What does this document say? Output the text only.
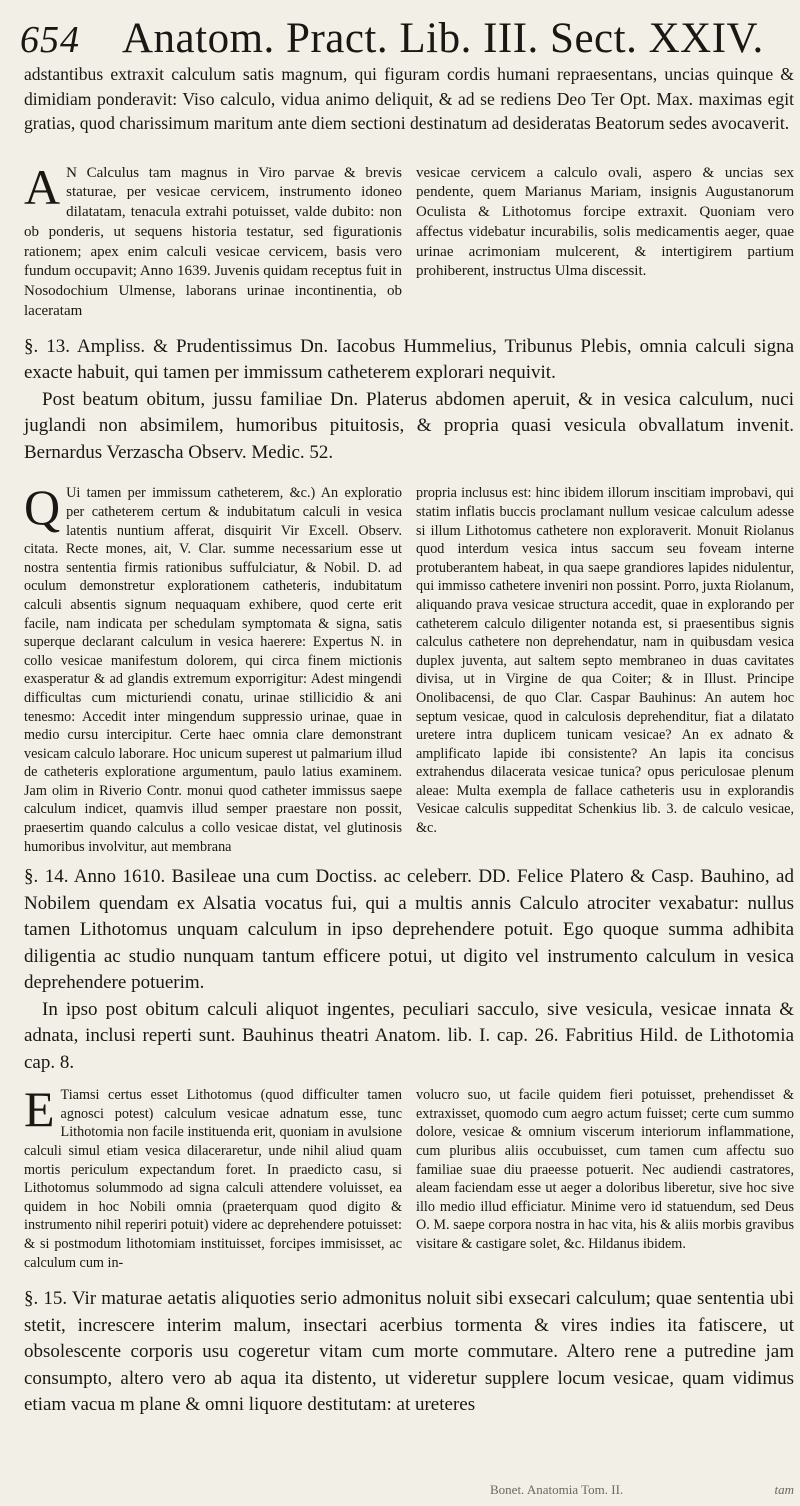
654 Anatom. Pract. Lib. III. Sect. XXIV.

adstantibus extraxit calculum satis magnum, qui figuram cordis humani repraesentans, uncias quinque & dimidiam ponderavit: Viso calculo, vidua animo deliquit, & ad se rediens Deo Ter Opt. Max. maximas egit gratias, quod charissimum maritum ante diem sectioni destinatum ad desideratas Beatorum sedes avocaverit.

A N Calculus tam magnus in Viro parvae & brevis staturae, per vesicae cervicem, instrumento idoneo dilatatam, tenacula extrahi potuisset, valde dubito: non ob ponderis, ut sequens historia testatur, sed figurationis rationem; apex enim calculi vesicae cervicem, basis vero fundum occupavit; Anno 1639. Juvenis quidam receptus fuit in Nosodochium Ulmense, laborans urinae incontinentia, ob laceratam

vesicae cervicem a calculo ovali, aspero & uncias sex pendente, quem Marianus Mariam, insignis Augustanorum Oculista & Lithotomus forcipe extraxit. Quoniam vero affectus videbatur incurabilis, solis medicamentis aeger, quae urinae acrimoniam mulcerent, & intertigirem partium prohiberent, instructus Ulma discessit.

§. 13. Ampliss. & Prudentissimus Dn. Iacobus Hummelius, Tribunus Plebis, omnia calculi signa exacte habuit, qui tamen per immissum catheterem explorari nequivit.

Post beatum obitum, jussu familiae Dn. Platerus abdomen aperuit, & in vesica calculum, nuci juglandi non absimilem, humoribus pituitosis, & propria quasi vesicula obvallatum invenit. Bernardus Verzascha Observ. Medic. 52.

Q Ui tamen per immissum catheterem, &c.) An exploratio per catheterem certum & indubitatum calculi in vesica latentis nuntium afferat, disquirit Vir Excell. Observ. citata. Recte mones, ait, V. Clar. summe necessarium esse ut nostra sententia firmis rationibus suffulciatur, & Nobil. D. ad oculum demonstretur explorationem catheteris, indubitatum calculi absentis signum nequaquam exhibere, quod certe erit facile, nam indicata per schedulam symptomata & signa, satis superque declarant calculum in vesica haerere: Expertus N. in collo vesicae manifestum dolorem, qui circa finem mictionis exasperatur & ad glandis extremum exporrigitur: Adest mingendi difficultas cum micturiendi conatu, urinae stillicidio & ani tenesmo: Accedit inter mingendum suppressio urinae, quae in medio cursu intercipitur. Certe haec omnia clare demonstrant vesicam calculo laborare. Hoc unicum superest ut palmarium illud de catheteris exploratione argumentum, paulo latius examinem. Jam olim in Riverio Contr. monui quod catheter immissus saepe calculum indicet, quamvis illud semper praestare non possit, praesertim quando calculus a collo vesicae distat, vel glutinosis humoribus involvitur, aut membrana

propria inclusus est: hinc ibidem illorum inscitiam improbavi, qui statim inflatis buccis proclamant nullum vesicae calculum adesse si illum Lithotomus cathetere non exploraverit. Monuit Riolanus quod interdum vesica intus saccum seu foveam interne protuberantem habeat, in qua saepe grandiores lapides nidulentur, qui immisso cathetere inveniri non possint. Porro, juxta Riolanum, aliquando prava vesicae structura accedit, quae in explorando per catheterem calculo diligenter notanda est, si praesentibus signis calculus cathetere non deprehendatur, nam in quibusdam vesica duplex juventa, aut saltem septo membraneo in duas cavitates divisa, ut in Virgine de qua Coiter; & in Illust. Principe Onolibacensi, de quo Clar. Caspar Bauhinus: An autem hoc septum vesicae, quod in calculosis deprehenditur, fiat a dilatato uretere intra duplicem tunicam vesicae? An ex adnato & amplificato lapide ibi consistente? An lapis ita concisus extrahendus dilacerata vesicae tunica? opus periculosae plenum aleae: Multa exempla de fallace catheteris usu in explorandis Vesicae calculis suppeditat Schenkius lib. 3. de calculo vesicae, &c.

§. 14. Anno 1610. Basileae una cum Doctiss. ac celeberr. DD. Felice Platero & Casp. Bauhino, ad Nobilem quendam ex Alsatia vocatus fui, qui a multis annis Calculo atrociter vexabatur: nullus tamen Lithotomus unquam calculum in ipso deprehendere potuit. Ego quoque summa adhibita diligentia ac studio nunquam tantum efficere potui, ut digito vel instrumento calculum in vesica deprehendere potuerim.

In ipso post obitum calculi aliquot ingentes, peculiari sacculo, sive vesicula, vesicae innata & adnata, inclusi reperti sunt. Bauhinus theatri Anatom. lib. I. cap. 26. Fabritius Hild. de Lithotomia cap. 8.

E Tiamsi certus esset Lithotomus (quod difficulter tamen agnosci potest) calculum vesicae adnatum esse, tunc Lithotomia non facile instituenda erit, quoniam in avulsione calculi simul etiam vesica dilaceraretur, unde nihil aliud quam mortis periculum expectandum foret. In praedicto casu, si Lithotomus solummodo ad signa calculi attendere voluisset, ea quidem in hoc Nobili omnia (praeterquam quod digito & instrumento nihil reperiri potuit) videre ac deprehendere potuisset: & si postmodum lithotomiam instituisset, forcipes immisisset, ac calculum cum in-

volucro suo, ut facile quidem fieri potuisset, prehendisset & extraxisset, quomodo cum aegro actum fuisset; certe cum summo dolore, vesicae & omnium viscerum interiorum inflammatione, cum pluribus aliis occubuisset, cum tamen cum affectu suo familiae suae diu praeesse potuerit. Nec audiendi castratores, aleam faciendam esse ut aeger a doloribus liberetur, sive hoc sive illo medio illud efficiatur. Minime vero id statuendum, sed Deus O. M. saepe corpora nostra in hac vita, his & aliis morbis gravibus visitare & castigare solet, &c. Hildanus ibidem.

§. 15. Vir maturae aetatis aliquoties serio admonitus noluit sibi exsecari calculum; quae sententia ubi stetit, increscere interim malum, insectari acerbius tormenta & vires indies ita fatiscere, ut obsolescente corporis usu cogeretur vitam cum morte commutare. Altero rene a putredine jam consumpto, altero vero ab aqua ita distento, ut videretur supplere locum vesicae, quam vidimus etiam vacua m plane & omni liquore destitutam: at ureteres

Bonet. Anatomia Tom. II.	tam
